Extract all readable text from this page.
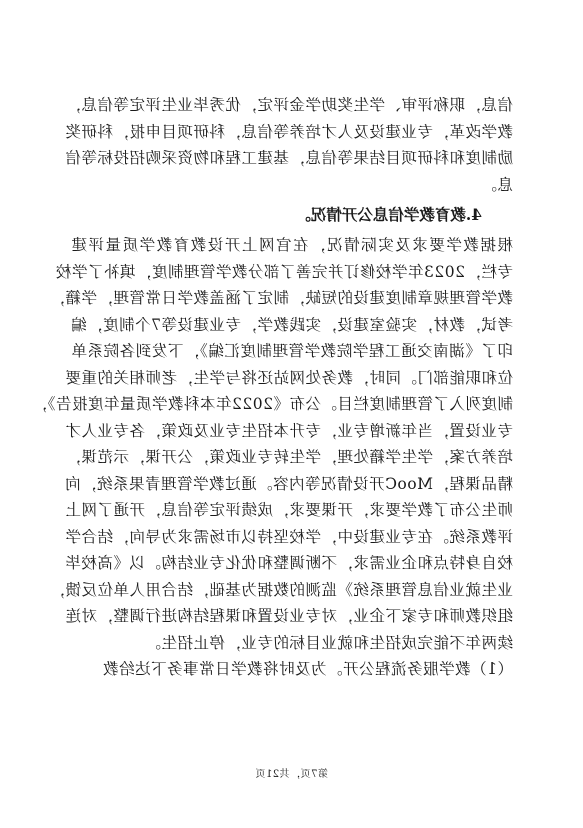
信息，职称评审、学生奖助学金评定，优秀毕业生评定等信息，
教学改革，专业建设及人才培养等信息，科研项目申报，科研奖
励制度和科研项目结果等信息，基建工程和物资采购招投标等信
息。
4.教育教学信息公开情况。
根据教学要求及实际情况，在官网上开设教育教学质量评建
专栏，2023年学校修订并完善了部分教学管理制度，填补了学校
教学管理规章制度建设的短缺，制定了涵盖教学日常管理，学籍，
考试，教材，实验室建设，实践教学，专业建设等7个制度，编
印了《湖南交通工程学院教学管理制度汇编》，下发到各院系单
位和职能部门。同时，教务处网站还将与学生，老师相关的重要
制度列入了管理制度栏目。公布《2022年本科教学质量年度报告》，
专业设置，当年新增专业，专升本招生专业及政策，各专业人才
培养方案，学生学籍处理，学生转专业政策，公开课，示范课，
精品课程，MooC开设情况等内容。通过教学管理青果系统，向
师生公布了教学要求，开课要求，成绩评定等信息，开通了网上
评教系统。在专业建设中，学校坚持以市场需求为导向，结合学
校自身特点和企业需求，不断调整和优化专业结构。以《高校毕
业生就业信息管理系统》监测的数据为基础，结合用人单位反馈，
组织教师和专家下企业，对专业设置和课程结构进行调整，对连
续两年不能完成招生和就业目标的专业，停止招生。
（1）教学服务流程公开。为及时将教学日常事务下达给教
第7页，共21页
